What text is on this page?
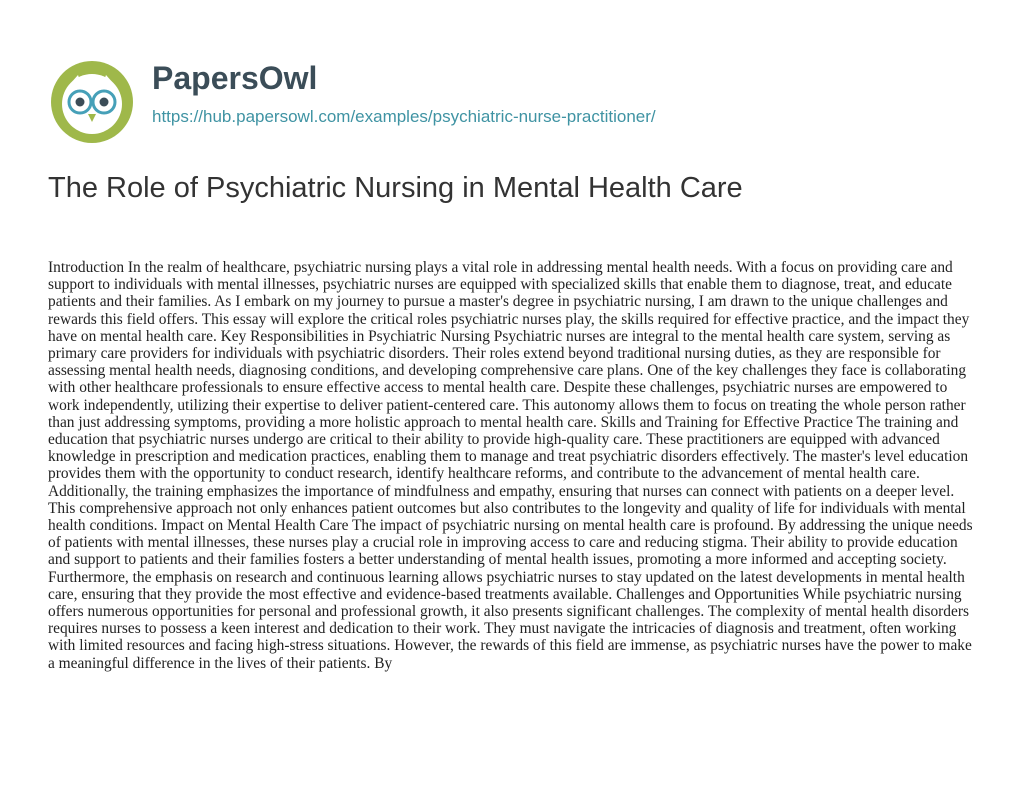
PapersOwl
https://hub.papersowl.com/examples/psychiatric-nurse-practitioner/
The Role of Psychiatric Nursing in Mental Health Care

Introduction In the realm of healthcare, psychiatric nursing plays a vital role in addressing mental health needs. With a focus on providing care and support to individuals with mental illnesses, psychiatric nurses are equipped with specialized skills that enable them to diagnose, treat, and educate patients and their families. As I embark on my journey to pursue a master's degree in psychiatric nursing, I am drawn to the unique challenges and rewards this field offers. This essay will explore the critical roles psychiatric nurses play, the skills required for effective practice, and the impact they have on mental health care. Key Responsibilities in Psychiatric Nursing Psychiatric nurses are integral to the mental health care system, serving as primary care providers for individuals with psychiatric disorders. Their roles extend beyond traditional nursing duties, as they are responsible for assessing mental health needs, diagnosing conditions, and developing comprehensive care plans. One of the key challenges they face is collaborating with other healthcare professionals to ensure effective access to mental health care. Despite these challenges, psychiatric nurses are empowered to work independently, utilizing their expertise to deliver patient-centered care. This autonomy allows them to focus on treating the whole person rather than just addressing symptoms, providing a more holistic approach to mental health care. Skills and Training for Effective Practice The training and education that psychiatric nurses undergo are critical to their ability to provide high-quality care. These practitioners are equipped with advanced knowledge in prescription and medication practices, enabling them to manage and treat psychiatric disorders effectively. The master's level education provides them with the opportunity to conduct research, identify healthcare reforms, and contribute to the advancement of mental health care. Additionally, the training emphasizes the importance of mindfulness and empathy, ensuring that nurses can connect with patients on a deeper level. This comprehensive approach not only enhances patient outcomes but also contributes to the longevity and quality of life for individuals with mental health conditions. Impact on Mental Health Care The impact of psychiatric nursing on mental health care is profound. By addressing the unique needs of patients with mental illnesses, these nurses play a crucial role in improving access to care and reducing stigma. Their ability to provide education and support to patients and their families fosters a better understanding of mental health issues, promoting a more informed and accepting society. Furthermore, the emphasis on research and continuous learning allows psychiatric nurses to stay updated on the latest developments in mental health care, ensuring that they provide the most effective and evidence-based treatments available. Challenges and Opportunities While psychiatric nursing offers numerous opportunities for personal and professional growth, it also presents significant challenges. The complexity of mental health disorders requires nurses to possess a keen interest and dedication to their work. They must navigate the intricacies of diagnosis and treatment, often working with limited resources and facing high-stress situations. However, the rewards of this field are immense, as psychiatric nurses have the power to make a meaningful difference in the lives of their patients. By
